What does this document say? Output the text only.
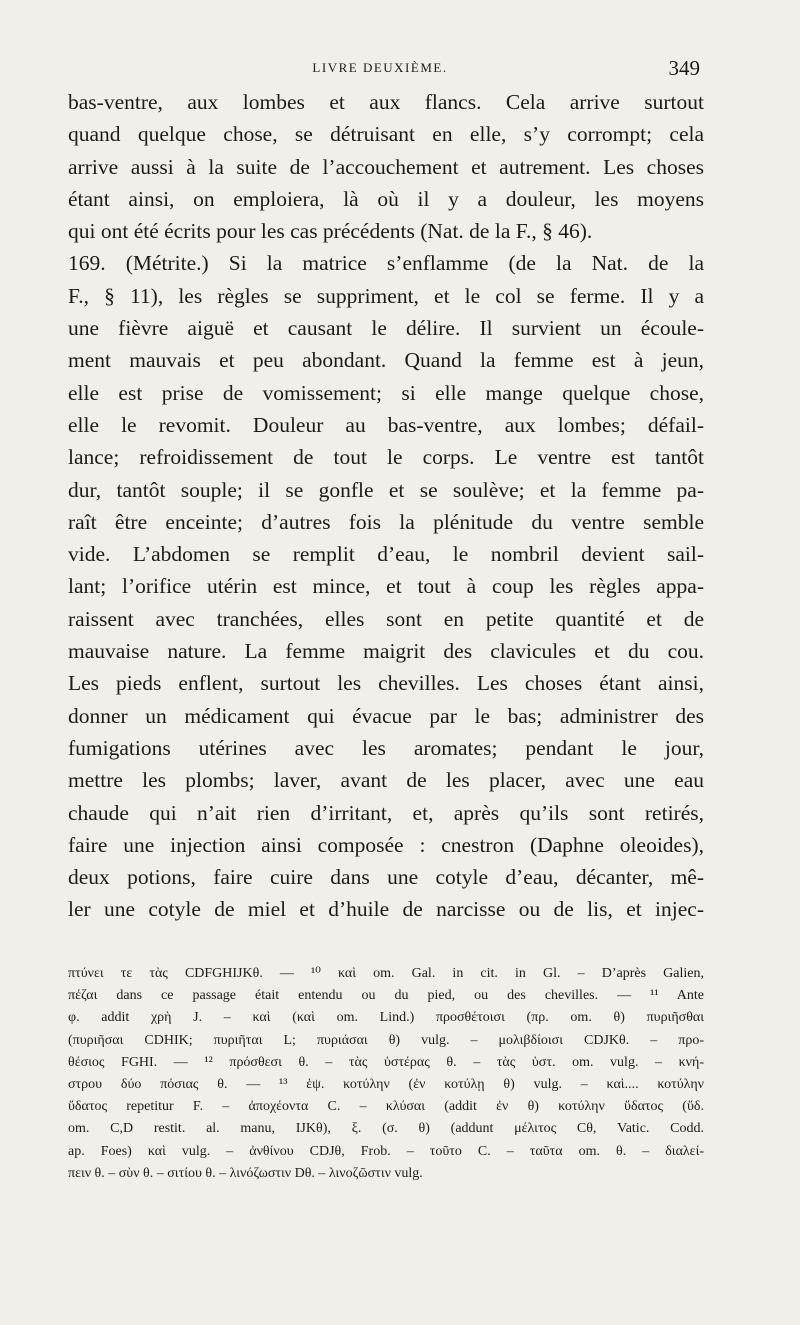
LIVRE DEUXIÈME.	349
bas-ventre, aux lombes et aux flancs. Cela arrive surtout
quand quelque chose, se détruisant en elle, s’y corrompt; cela
arrive aussi à la suite de l’accouchement et autrement. Les choses
étant ainsi, on emploiera, là où il y a douleur, les moyens
qui ont été écrits pour les cas précédents (Nat. de la F., § 46).
169. (Métrite.) Si la matrice s’enflamme (de la Nat. de la
F., § 11), les règles se suppriment, et le col se ferme. Il y a
une fièvre aiguë et causant le délire. Il survient un écoule-
ment mauvais et peu abondant. Quand la femme est à jeun,
elle est prise de vomissement; si elle mange quelque chose,
elle le revomit. Douleur au bas-ventre, aux lombes; défail-
lance; refroidissement de tout le corps. Le ventre est tantôt
dur, tantôt souple; il se gonfle et se soulève; et la femme pa-
raît être enceinte; d’autres fois la plénitude du ventre semble
vide. L’abdomen se remplit d’eau, le nombril devient sail-
lant; l’orifice utérin est mince, et tout à coup les règles appa-
raissent avec tranchées, elles sont en petite quantité et de
mauvaise nature. La femme maigrit des clavicules et du cou.
Les pieds enflent, surtout les chevilles. Les choses étant ainsi,
donner un médicament qui évacue par le bas; administrer des
fumigations utérines avec les aromates; pendant le jour,
mettre les plombs; laver, avant de les placer, avec une eau
chaude qui n’ait rien d’irritant, et, après qu’ils sont retirés,
faire une injection ainsi composée : cnestron (Daphne oleoides),
deux potions, faire cuire dans une cotyle d’eau, décanter, mê-
ler une cotyle de miel et d’huile de narcisse ou de lis, et injec-
πτύνει τε τὰς CDFGHIJKθ. — ¹⁰ καὶ om. Gal. in cit. in Gl. – D’après Galien,
πέζαι dans ce passage était entendu ou du pied, ou des chevilles. — ¹¹ Ante
φ. addit χρὴ J. – καὶ (καὶ om. Lind.) προσθέτοισι (πρ. om. θ) πυριῆσθαι
(πυριῆσαι CDHIK; πυριῆται L; πυριάσαι θ) vulg. – μολιβδίοισι CDJKθ. – προ-
θέσιος FGHI. — ¹² πρόσθεσι θ. – τὰς ὑστέρας θ. – τὰς ὑστ. om. vulg. – κνή-
στρου δύο πόσιας θ. — ¹³ ἑψ. κοτύλην (ἐν κοτύλῃ θ) vulg. – καὶ.... κοτύλην
ὕδατος repetitur F. – ἀποχέοντα C. – κλύσαι (addit ἐν θ) κοτύλην ὕδατος (ὕδ.
om. C,D restit. al. manu, IJKθ), ξ. (σ. θ) (addunt μέλιτος Cθ, Vatic. Codd.
ap. Foes) καὶ vulg. – ἀνθίνου CDJθ, Frob. – τοῦτο C. – ταῦτα om. θ. – διαλεί-
πειν θ. – σὺν θ. – σιτίου θ. – λινόζωστιν Dθ. – λινοζῶστιν vulg.
